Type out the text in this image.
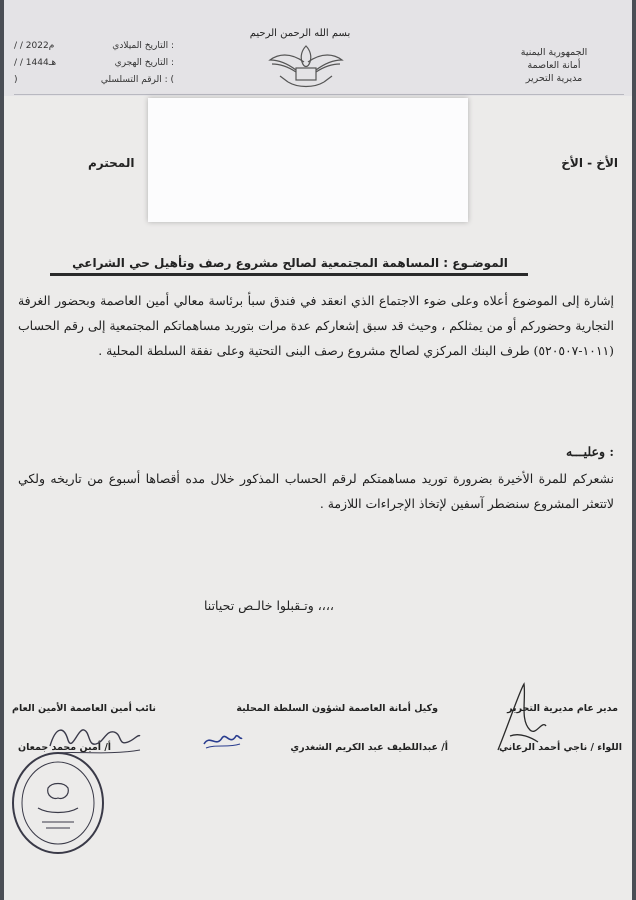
بسم الله الرحمن الرحيم
الجمهورية اليمنية
أمانة العاصمة
مديرية التحرير
/ / 2022م	التاريخ الميلادي :
/ / 1444هـ	التاريخ الهجري :
)	الرقم التسلسلي : (
الأخ - الأخ
المحترم
الموضـوع : المساهمة المجتمعية لصالح مشروع رصف وتأهيل حي الشراعي
إشارة إلى الموضوع أعلاه وعلى ضوء الاجتماع الذي انعقد في فندق سبأ برئاسة معالي أمين العاصمة وبحضور الغرفة التجارية وحضوركم أو من يمثلكم ، وحيث قد سبق إشعاركم عدة مرات بتوريد مساهماتكم المجتمعية إلى رقم الحساب (١٠١١-٥٢٠٥٠٧) طرف البنك المركزي لصالح مشروع رصف البنى التحتية وعلى نفقة السلطة المحلية .
وعليـــه :
نشعركم للمرة الأخيرة بضرورة توريد مساهمتكم لرقم الحساب المذكور خلال مده أقصاها أسبوع من تاريخه ولكي لاتتعثر المشروع سنضطر آسفين لإتخاذ الإجراءات اللازمة .
وتـقبلوا خالـص تحياتنا ،،،،
مدير عام مديرية التحرير
وكيل أمانة العاصمة لشؤون السلطة المحلية
نائب أمين العاصمة الأمين العام
اللواء / ناجي أحمد الرعاني
أ/ عبداللطيف عبد الكريم الشغدري
أ/ أمين محمد جمعان
